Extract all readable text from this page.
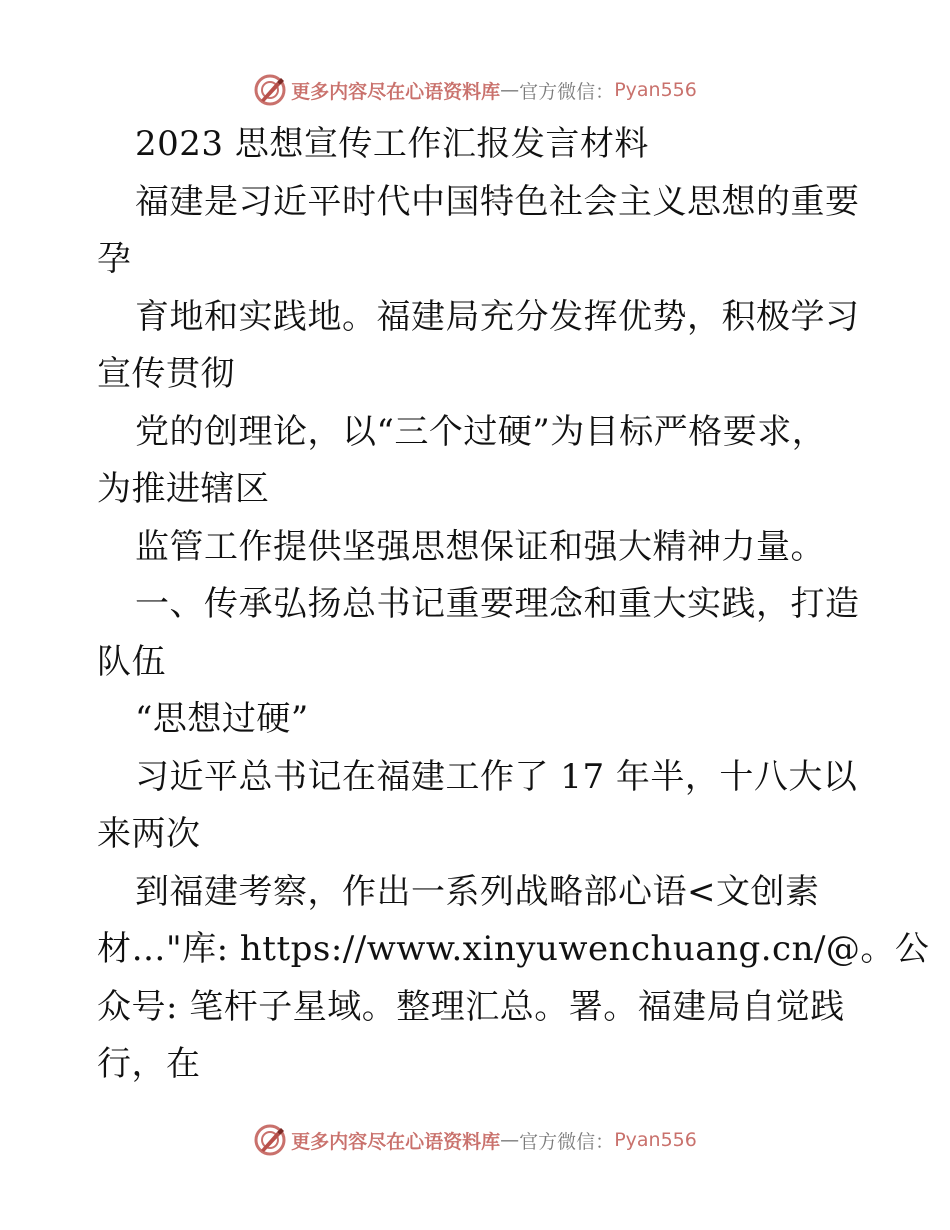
更多内容尽在心语资料库 — 官方微信： Pyan556
2023 思想宣传工作汇报发言材料
福建是习近平时代中国特色社会主义思想的重要
孕
育地和实践地。福建局充分发挥优势，积极学习
宣传贯彻
党的创理论，以“三个过硬”为目标严格要求，
为推进辖区
监管工作提供坚强思想保证和强大精神力量。
一、传承弘扬总书记重要理念和重大实践，打造
队伍
“思想过硬”
习近平总书记在福建工作了 17 年半，十八大以
来两次
到福建考察，作出一系列战略部心语<文创素
材…"库: https://www.xinyuwenchuang.cn/@。公
众号: 笔杆子星域。整理汇总。署。福建局自觉践
行，在
更多内容尽在心语资料库 — 官方微信： Pyan556
